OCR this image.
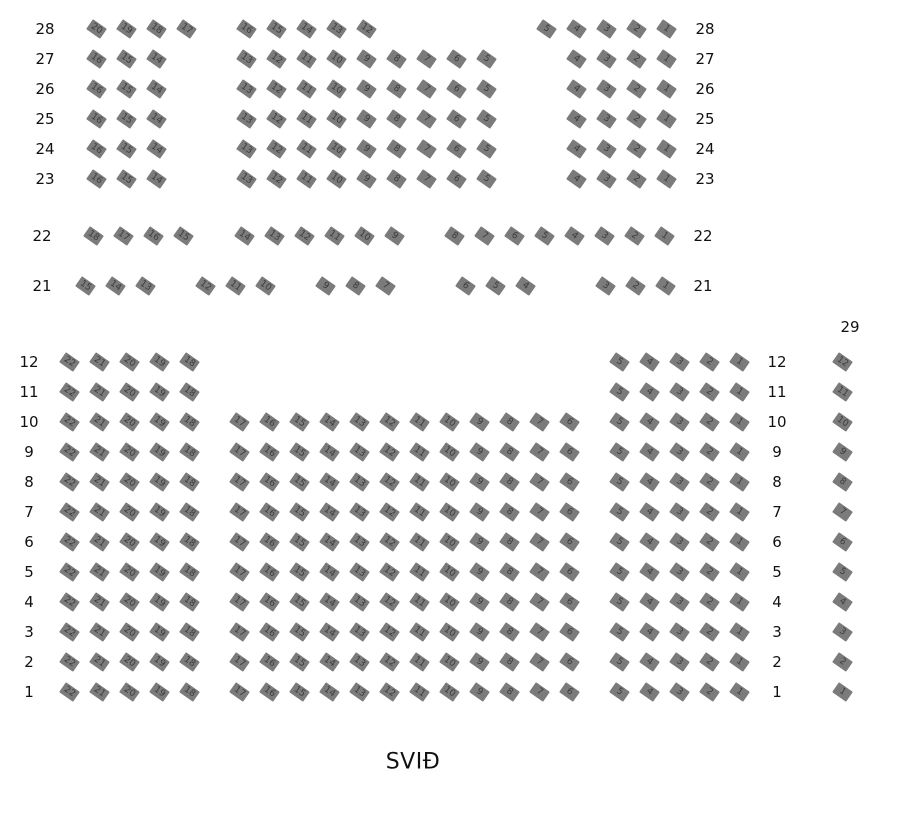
28	28
20	19	18	17	16	15	14	13	12	5	4	3	2	1
27	27
16	15	14	13	12	11	10	9	8	7	6	5	4	3	2	1
26	26
16	15	14	13	12	11	10	9	8	7	6	5	4	3	2	1
25	25
16	15	14	13	12	11	10	9	8	7	6	5	4	3	2	1
24	24
16	15	14	13	12	11	10	9	8	7	6	5	4	3	2	1
23	23
16	15	14	13	12	11	10	9	8	7	6	5	4	3	2	1
22	22
18	17	16	15	14	13	12	11	10	9	8	7	6	5	4	3	2	1
21	21
15	14	13	12	11	10	9	8	7	6	5	4	3	2	1
12	12
22	21	20	19	18	5	4	3	2	1
11	11
22	21	20	19	18	5	4	3	2	1
10	10
22	21	20	19	18	17	16	15	14	13	12	11	10	9	8	7	6	5	4	3	2	1
9	9
22	21	20	19	18	17	16	15	14	13	12	11	10	9	8	7	6	5	4	3	2	1
8	8
22	21	20	19	18	17	16	15	14	13	12	11	10	9	8	7	6	5	4	3	2	1
7	7
22	21	20	19	18	17	16	15	14	13	12	11	10	9	8	7	6	5	4	3	2	1
6	6
22	21	20	19	18	17	16	15	14	13	12	11	10	9	8	7	6	5	4	3	2	1
5	5
22	21	20	19	18	17	16	15	14	13	12	11	10	9	8	7	6	5	4	3	2	1
4	4
22	21	20	19	18	17	16	15	14	13	12	11	10	9	8	7	6	5	4	3	2	1
3	3
22	21	20	19	18	17	16	15	14	13	12	11	10	9	8	7	6	5	4	3	2	1
2	2
22	21	20	19	18	17	16	15	14	13	12	11	10	9	8	7	6	5	4	3	2	1
1	1
22	21	20	19	18	17	16	15	14	13	12	11	10	9	8	7	6	5	4	3	2	1
29
12
11
10
9
8
7
6
5
4
3
2
1
SVIÐ
